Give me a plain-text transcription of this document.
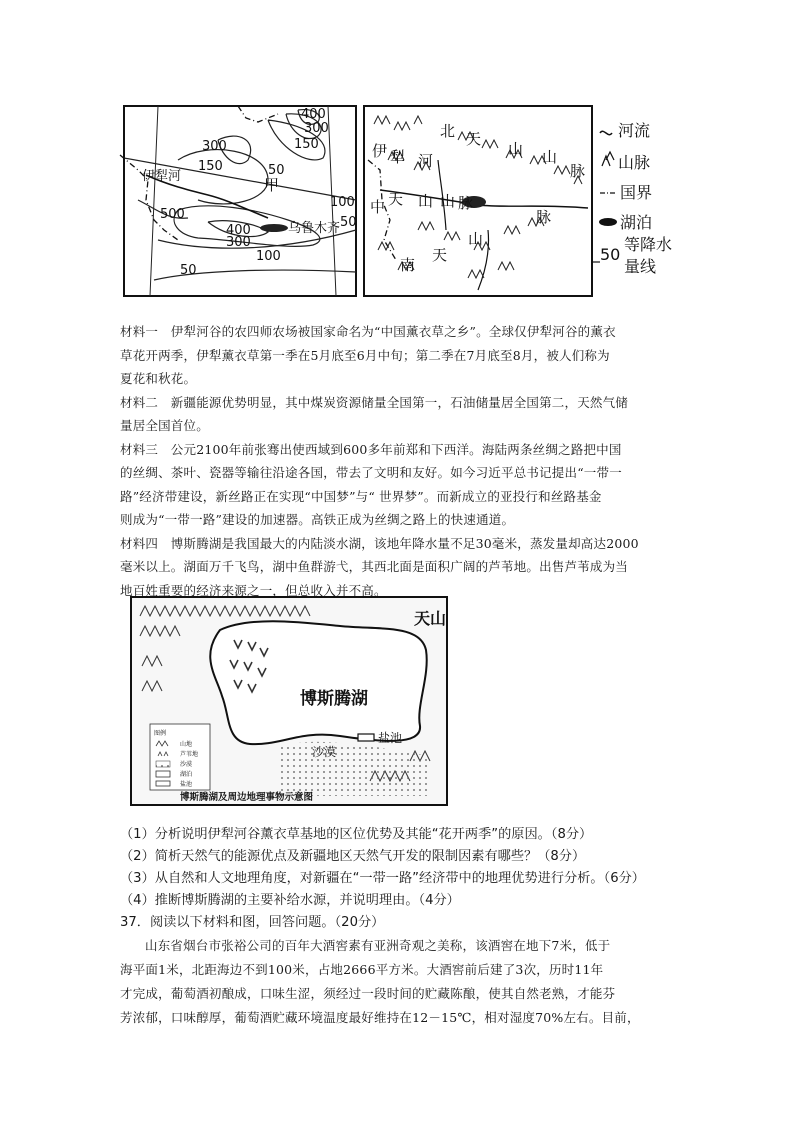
400
300
300
150
150
50
100
50
500
400
300
100
50
伊犁河	甲
乌鲁木齐
北 天
山 山
脉
伊 犁 河
天 山 山 脉
脉
中
南
天
山
河流
山脉
国界
湖泊
50
等降水
量线

材料一　伊犁河谷的农四师农场被国家命名为“中国薰衣草之乡”。全球仅伊犁河谷的薰衣

草花开两季，伊犁薰衣草第一季在5月底至6月中旬；第二季在7月底至8月，被人们称为

夏花和秋花。

材料二　新疆能源优势明显，其中煤炭资源储量全国第一，石油储量居全国第二，天然气储

量居全国首位。

材料三　公元2100年前张骞出使西域到600多年前郑和下西洋。海陆两条丝绸之路把中国

的丝绸、茶叶、瓷器等输往沿途各国，带去了文明和友好。如今习近平总书记提出“一带一

路”经济带建设，新丝路正在实现“中国梦”与“ 世界梦”。而新成立的亚投行和丝路基金

则成为“一带一路”建设的加速器。高铁正成为丝绸之路上的快速通道。

材料四　博斯腾湖是我国最大的内陆淡水湖，该地年降水量不足30毫米，蒸发量却高达2000

毫米以上。湖面万千飞鸟，湖中鱼群游弋，其西北面是面积广阔的芦苇地。出售芦苇成为当

地百姓重要的经济来源之一，但总收入并不高。

天山
博斯腾湖
沙漠
盐池
图例
山地
芦苇地
沙漠
湖泊
盐池
博斯腾湖及周边地理事物示意图

（1）分析说明伊犁河谷薰衣草基地的区位优势及其能“花开两季”的原因。（8分）

（2）简析天然气的能源优点及新疆地区天然气开发的限制因素有哪些？（8分）

（3）从自然和人文地理角度，对新疆在“一带一路”经济带中的地理优势进行分析。（6分）

（4）推断博斯腾湖的主要补给水源，并说明理由。（4分）

37．阅读以下材料和图，回答问题。（20分）
山东省烟台市张裕公司的百年大酒窖素有亚洲奇观之美称，该酒窖在地下7米，低于
海平面1米，北距海边不到100米，占地2666平方米。大酒窖前后建了3次，历时11年
才完成，葡萄酒初酿成，口味生涩，须经过一段时间的贮藏陈酿，使其自然老熟，才能芬
芳浓郁，口味醇厚，葡萄酒贮藏环境温度最好维持在12－15℃，相对湿度70%左右。目前，
